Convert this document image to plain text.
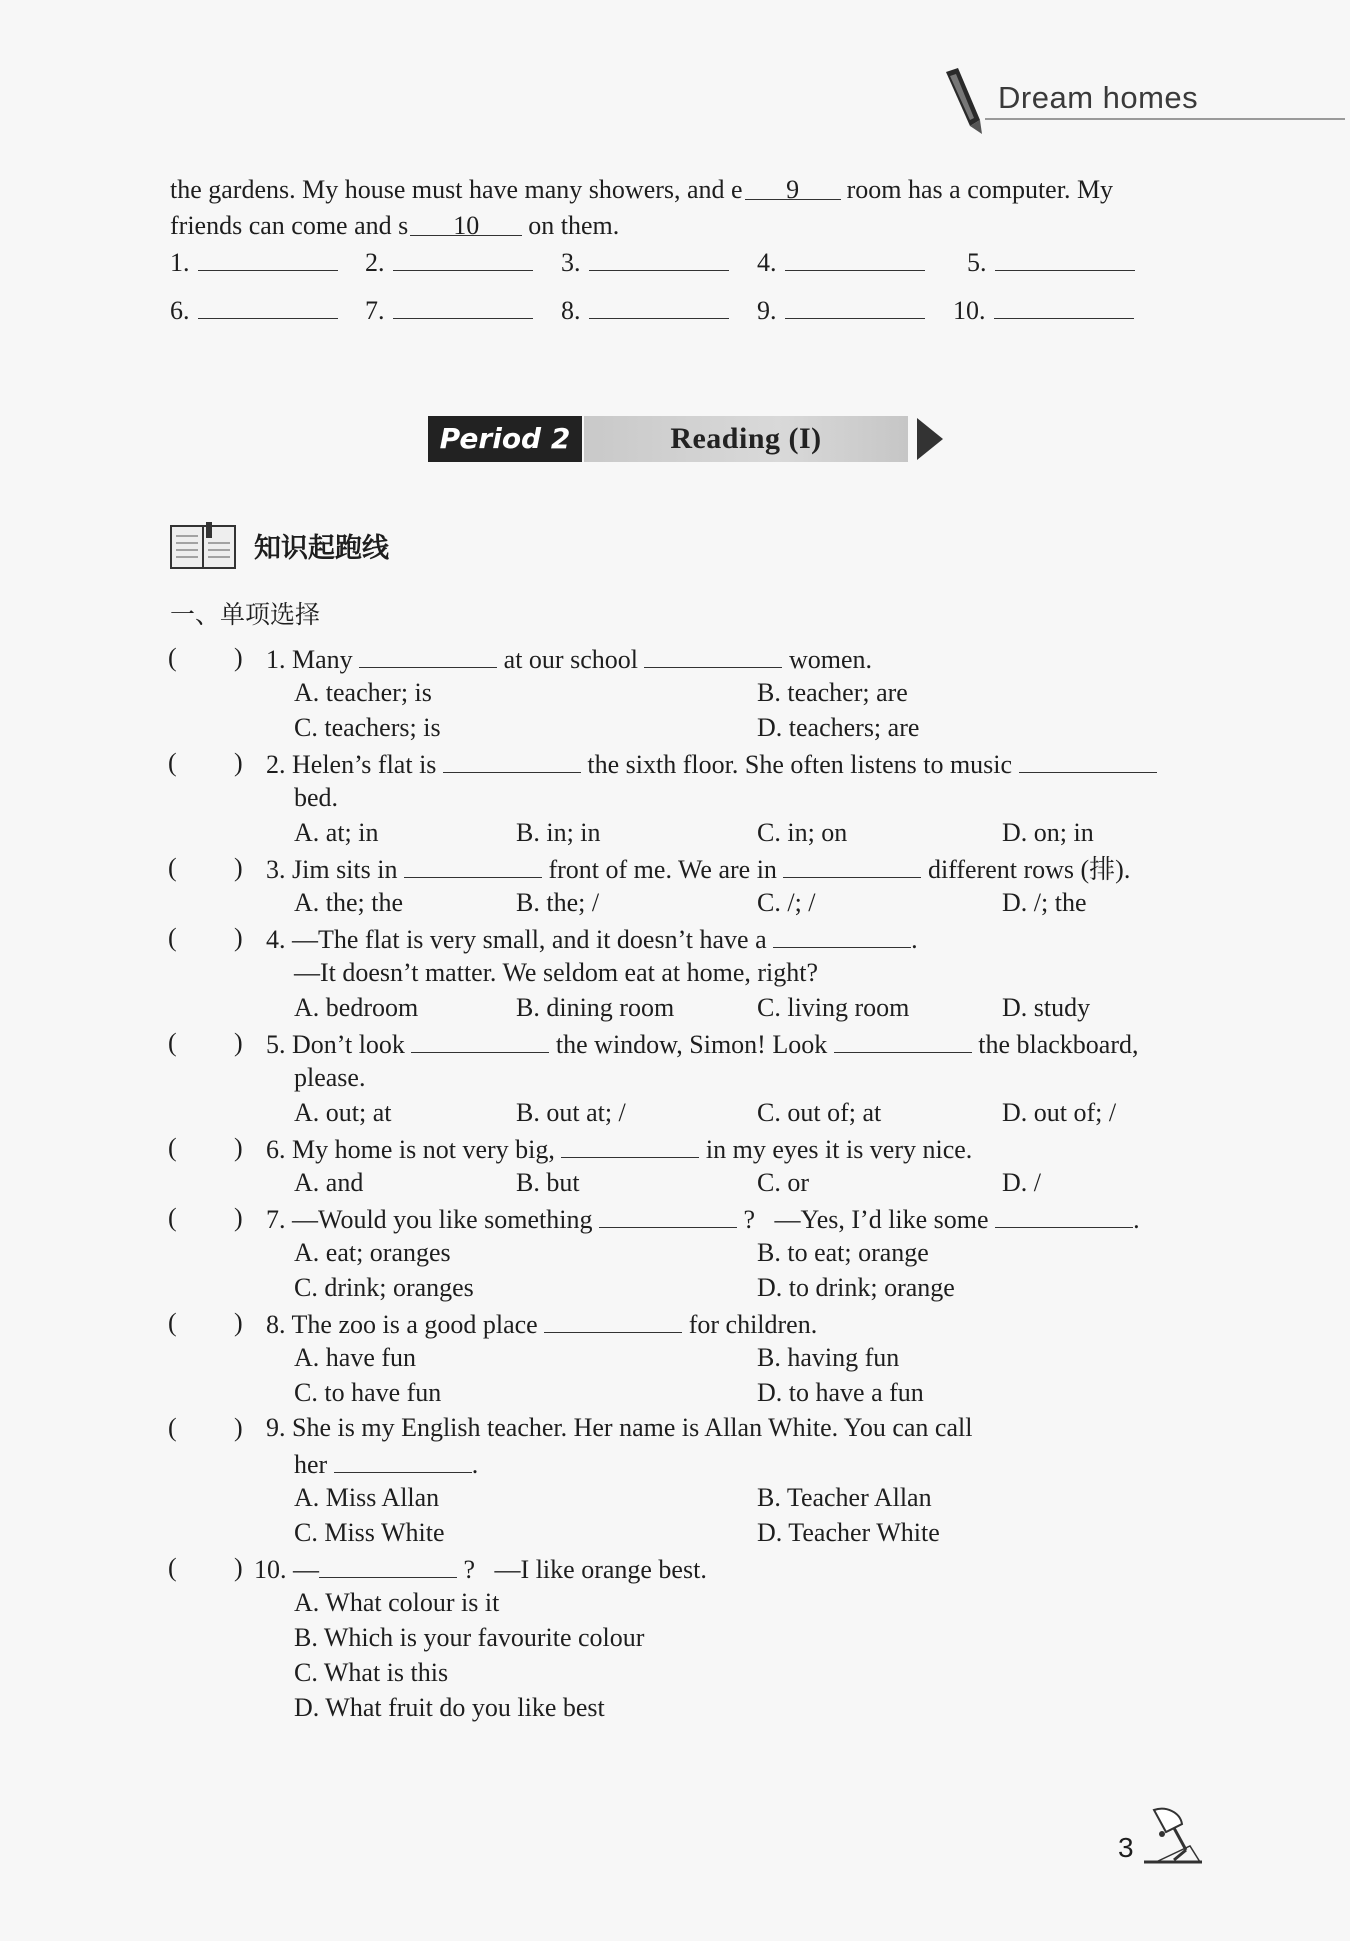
Dream homes
the gardens. My house must have many showers, and e 9 room has a computer. My
friends can come and s 10 on them.
1.	2.	3.	4.	5.
6.	7.	8.	9.	10.
Period 2	Reading (I)
知识起跑线
一、单项选择
( ) 1. Many	at our school	women.
A. teacher; is	B. teacher; are
C. teachers; is	D. teachers; are
( ) 2. Helen’s flat is	the sixth floor. She often listens to music
bed.
A. at; in	B. in; in	C. in; on	D. on; in
( ) 3. Jim sits in	front of me. We are in	different rows (排).
A. the; the	B. the; /	C. /; /	D. /; the
( ) 4. —The flat is very small, and it doesn’t have a	.
—It doesn’t matter. We seldom eat at home, right?
A. bedroom	B. dining room	C. living room	D. study
( ) 5. Don’t look	the window, Simon! Look	the blackboard,
please.
A. out; at	B. out at; /	C. out of; at	D. out of; /
( ) 6. My home is not very big,	in my eyes it is very nice.
A. and	B. but	C. or	D. /
( ) 7. —Would you like something	? —Yes, I’d like some	.
A. eat; oranges	B. to eat; orange
C. drink; oranges	D. to drink; orange
( ) 8. The zoo is a good place	for children.
A. have fun	B. having fun
C. to have fun	D. to have a fun
( ) 9. She is my English teacher. Her name is Allan White. You can call
her	.
A. Miss Allan	B. Teacher Allan
C. Miss White	D. Teacher White
( ) 10. —	? —I like orange best.
A. What colour is it
B. Which is your favourite colour
C. What is this
D. What fruit do you like best
3
